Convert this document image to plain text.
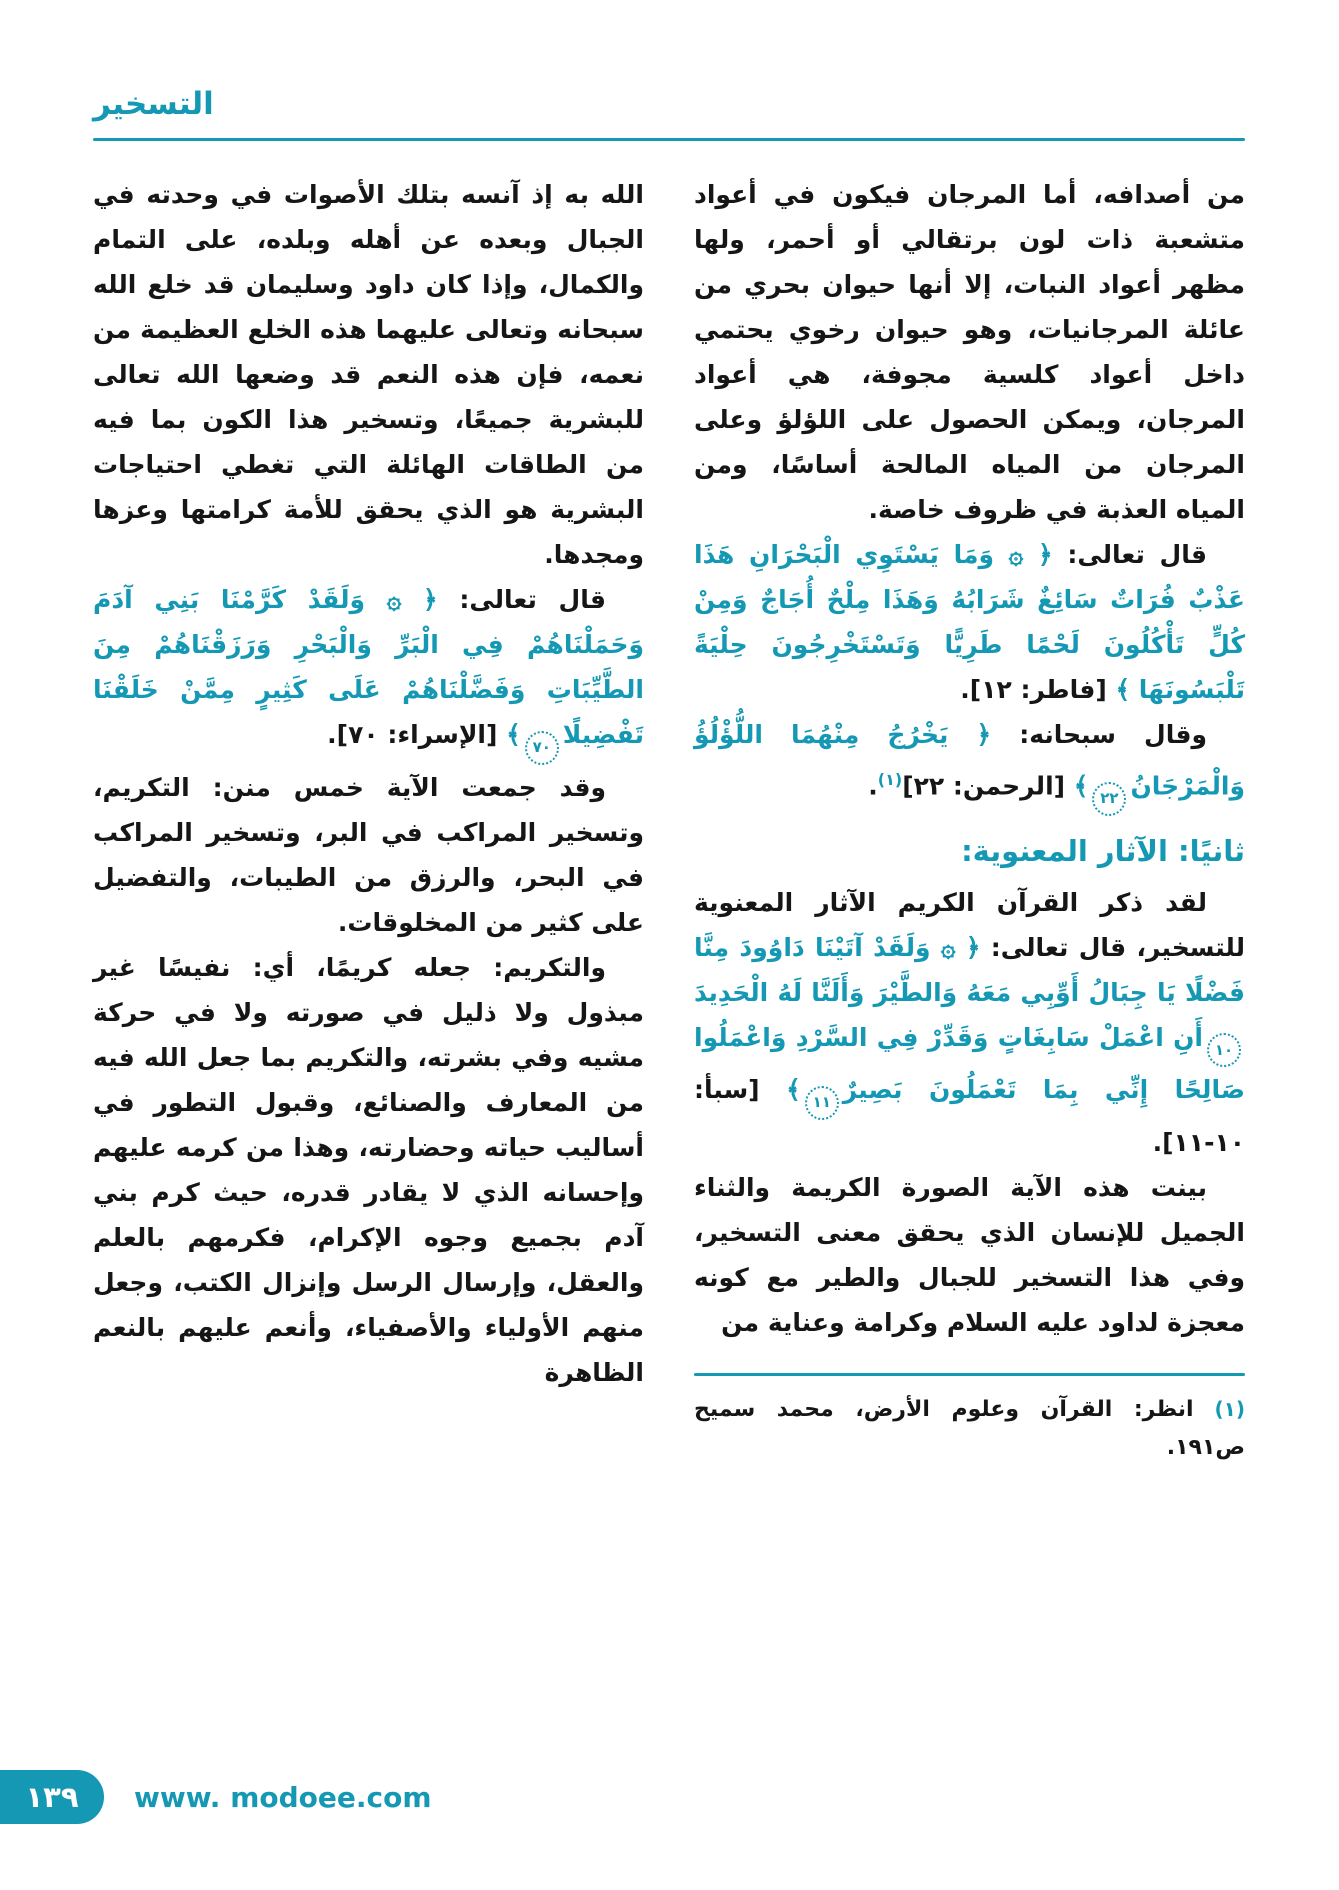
التسخير

من أصدافه، أما المرجان فيكون في أعواد متشعبة ذات لون برتقالي أو أحمر، ولها مظهر أعواد النبات، إلا أنها حيوان بحري من عائلة المرجانيات، وهو حيوان رخوي يحتمي داخل أعواد كلسية مجوفة، هي أعواد المرجان، ويمكن الحصول على اللؤلؤ وعلى المرجان من المياه المالحة أساسًا، ومن المياه العذبة في ظروف خاصة.

قال تعالى: ﴿ ۞ وَمَا يَسْتَوِي الْبَحْرَانِ هَذَا عَذْبٌ فُرَاتٌ سَائِغٌ شَرَابُهُ وَهَذَا مِلْحٌ أُجَاجٌ وَمِنْ كُلٍّ تَأْكُلُونَ لَحْمًا طَرِيًّا وَتَسْتَخْرِجُونَ حِلْيَةً تَلْبَسُونَهَا ﴾ [فاطر: ١٢].

وقال سبحانه: ﴿ يَخْرُجُ مِنْهُمَا اللُّؤْلُؤُ وَالْمَرْجَانُ٢٢﴾ [الرحمن: ٢٢]$^{(١)}$.

ثانيًا: الآثار المعنوية:

لقد ذكر القرآن الكريم الآثار المعنوية للتسخير، قال تعالى: ﴿ ۞ وَلَقَدْ آتَيْنَا دَاوُودَ مِنَّا فَضْلًا يَا جِبَالُ أَوِّبِي مَعَهُ وَالطَّيْرَ وَأَلَنَّا لَهُ الْحَدِيدَ١٠أَنِ اعْمَلْ سَابِغَاتٍ وَقَدِّرْ فِي السَّرْدِ وَاعْمَلُوا صَالِحًا إِنِّي بِمَا تَعْمَلُونَ بَصِيرٌ١١﴾ [سبأ: ١٠-١١].

بينت هذه الآية الصورة الكريمة والثناء الجميل للإنسان الذي يحقق معنى التسخير، وفي هذا التسخير للجبال والطير مع كونه معجزة لداود عليه السلام وكرامة وعناية من

(١) انظر: القرآن وعلوم الأرض، محمد سميح ص١٩١.

الله به إذ آنسه بتلك الأصوات في وحدته في الجبال وبعده عن أهله وبلده، على التمام والكمال، وإذا كان داود وسليمان قد خلع الله سبحانه وتعالى عليهما هذه الخلع العظيمة من نعمه، فإن هذه النعم قد وضعها الله تعالى للبشرية جميعًا، وتسخير هذا الكون بما فيه من الطاقات الهائلة التي تغطي احتياجات البشرية هو الذي يحقق للأمة كرامتها وعزها ومجدها.

قال تعالى: ﴿ ۞ وَلَقَدْ كَرَّمْنَا بَنِي آدَمَ وَحَمَلْنَاهُمْ فِي الْبَرِّ وَالْبَحْرِ وَرَزَقْنَاهُمْ مِنَ الطَّيِّبَاتِ وَفَضَّلْنَاهُمْ عَلَى كَثِيرٍ مِمَّنْ خَلَقْنَا تَفْضِيلًا٧٠﴾ [الإسراء: ٧٠].

وقد جمعت الآية خمس منن: التكريم، وتسخير المراكب في البر، وتسخير المراكب في البحر، والرزق من الطيبات، والتفضيل على كثير من المخلوقات.

والتكريم: جعله كريمًا، أي: نفيسًا غير مبذول ولا ذليل في صورته ولا في حركة مشيه وفي بشرته، والتكريم بما جعل الله فيه من المعارف والصنائع، وقبول التطور في أساليب حياته وحضارته، وهذا من كرمه عليهم وإحسانه الذي لا يقادر قدره، حيث كرم بني آدم بجميع وجوه الإكرام، فكرمهم بالعلم والعقل، وإرسال الرسل وإنزال الكتب، وجعل منهم الأولياء والأصفياء، وأنعم عليهم بالنعم الظاهرة

١٣٩ www. modoee.com
